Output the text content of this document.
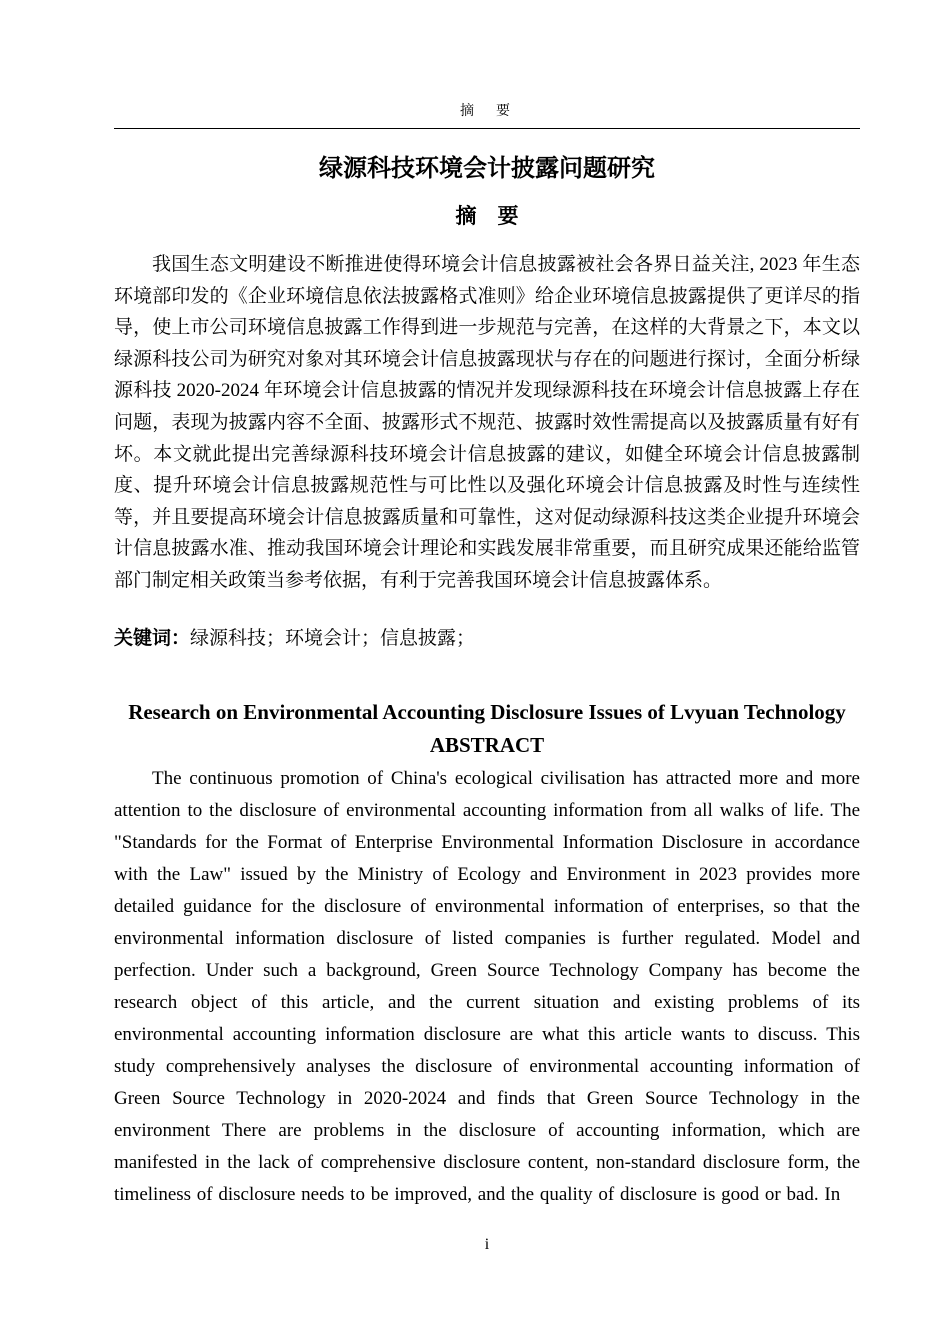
摘　要
绿源科技环境会计披露问题研究
摘　要

我国生态文明建设不断推进使得环境会计信息披露被社会各界日益关注, 2023 年生态环境部印发的《企业环境信息依法披露格式准则》给企业环境信息披露提供了更详尽的指导，使上市公司环境信息披露工作得到进一步规范与完善，在这样的大背景之下，本文以绿源科技公司为研究对象对其环境会计信息披露现状与存在的问题进行探讨，全面分析绿源科技 2020-2024 年环境会计信息披露的情况并发现绿源科技在环境会计信息披露上存在问题，表现为披露内容不全面、披露形式不规范、披露时效性需提高以及披露质量有好有坏。本文就此提出完善绿源科技环境会计信息披露的建议，如健全环境会计信息披露制度、提升环境会计信息披露规范性与可比性以及强化环境会计信息披露及时性与连续性等，并且要提高环境会计信息披露质量和可靠性，这对促动绿源科技这类企业提升环境会计信息披露水准、推动我国环境会计理论和实践发展非常重要，而且研究成果还能给监管部门制定相关政策当参考依据，有利于完善我国环境会计信息披露体系。

关键词：绿源科技；环境会计；信息披露；

Research on Environmental Accounting Disclosure Issues of Lvyuan Technology
ABSTRACT

The continuous promotion of China's ecological civilisation has attracted more and more attention to the disclosure of environmental accounting information from all walks of life. The "Standards for the Format of Enterprise Environmental Information Disclosure in accordance with the Law" issued by the Ministry of Ecology and Environment in 2023 provides more detailed guidance for the disclosure of environmental information of enterprises, so that the environmental information disclosure of listed companies is further regulated. Model and perfection. Under such a background, Green Source Technology Company has become the research object of this article, and the current situation and existing problems of its environmental accounting information disclosure are what this article wants to discuss. This study comprehensively analyses the disclosure of environmental accounting information of Green Source Technology in 2020-2024 and finds that Green Source Technology in the environment There are problems in the disclosure of accounting information, which are manifested in the lack of comprehensive disclosure content, non-standard disclosure form, the timeliness of disclosure needs to be improved, and the quality of disclosure is good or bad. In

i
